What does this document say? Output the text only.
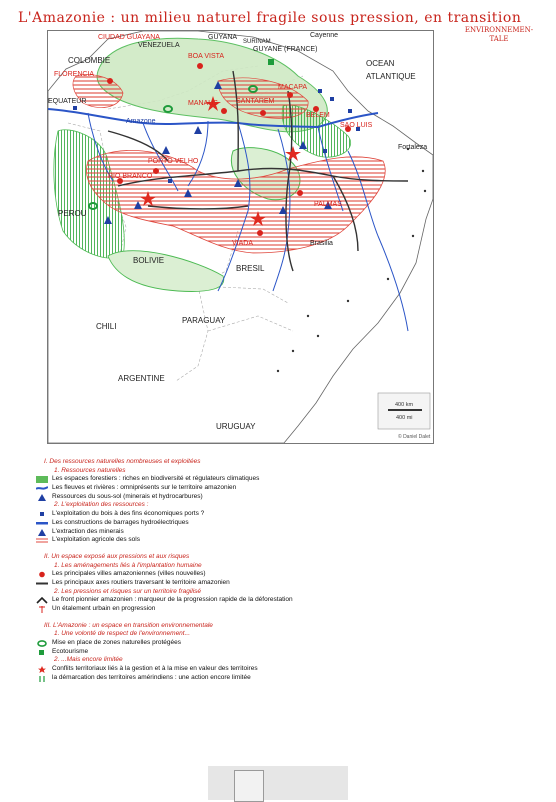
L'Amazonie : un milieu naturel fragile sous pression, en transition
ENVIRONNEMEN-TALE
COLOMBIE
VENEZUELA
GUYANA
GUYANE (FRANCE)
SURINAM
EQUATEUR
PEROU
BOLIVIE
BRESIL
CHILI
PARAGUAY
ARGENTINE
URUGUAY
OCEAN
ATLANTIQUE
Amazone
CIUDAD GUAYANA
BOA VISTA
FLORENCIA
MANAUS	SANTAREM
MACAPA
BELEM
SAO LUIS
PORTO VELHO
RIO BRANCO
PALMAS
VIADA
Fortaleza
Brasilia
Cayenne
400 km
400 mi
© Daniel Dalet
I. Des ressources naturelles nombreuses et exploitées
1. Ressources naturelles
Les espaces forestiers : riches en biodiversité et régulateurs climatiques
Les fleuves et rivières : omniprésents sur le territoire amazonien
Ressources du sous-sol (minerais et hydrocarbures)
2. L'exploitation des ressources :
L'exploitation du bois à des fins économiques ports ?
Les constructions de barrages hydroélectriques
L'extraction des minerais
L'exploitation agricole des sols
II. Un espace exposé aux pressions et aux risques
1. Les aménagements liés à l'implantation humaine
Les principales villes amazoniennes (villes nouvelles)
Les principaux axes routiers traversant le territoire amazonien
2. Les pressions et risques sur un territoire fragilisé
Le front pionnier amazonien : marqueur de la progression rapide de la déforestation
Un étalement urbain en progression
III. L'Amazonie : un espace en transition environnementale
1. Une volonté de respect de l'environnement...
Mise en place de zones naturelles protégées
Ecotourisme
2. ...Mais encore limitée
Conflits territoriaux liés à la gestion et à la mise en valeur des territoires
la démarcation des territoires amérindiens : une action encore limitée
